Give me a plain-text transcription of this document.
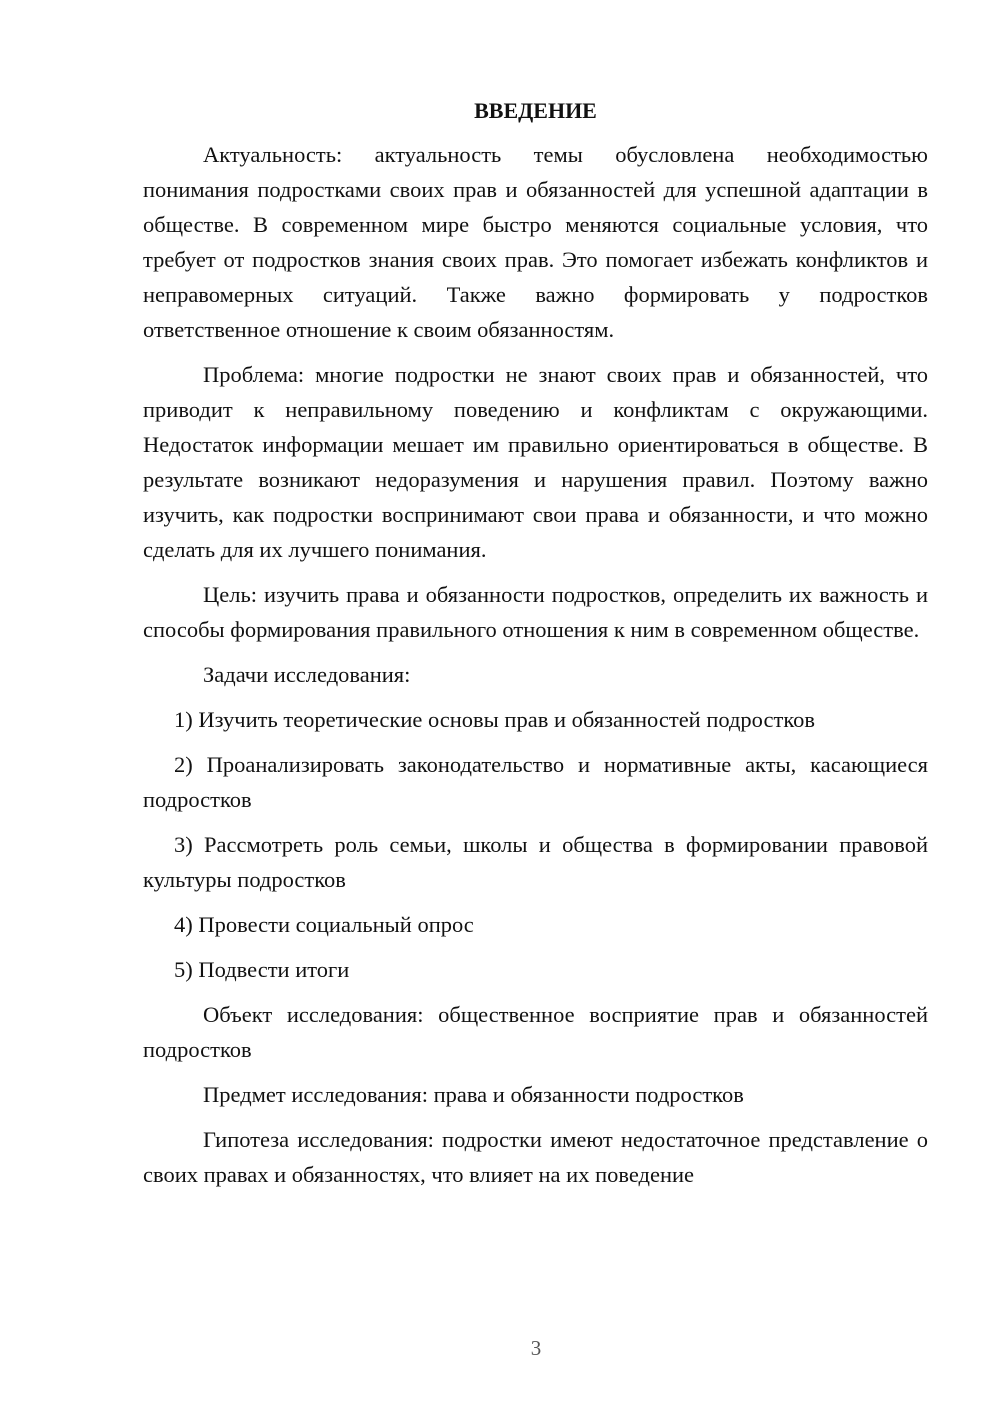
ВВЕДЕНИЕ

Актуальность: актуальность темы обусловлена необходимостью понимания подростками своих прав и обязанностей для успешной адаптации в обществе. В современном мире быстро меняются социальные условия, что требует от подростков знания своих прав. Это помогает избежать конфликтов и неправомерных ситуаций. Также важно формировать у подростков ответственное отношение к своим обязанностям.

Проблема: многие подростки не знают своих прав и обязанностей, что приводит к неправильному поведению и конфликтам с окружающими. Недостаток информации мешает им правильно ориентироваться в обществе. В результате возникают недоразумения и нарушения правил. Поэтому важно изучить, как подростки воспринимают свои права и обязанности, и что можно сделать для их лучшего понимания.

Цель: изучить права и обязанности подростков, определить их важность и способы формирования правильного отношения к ним в современном обществе.

Задачи исследования:

1) Изучить теоретические основы прав и обязанностей подростков

2) Проанализировать законодательство и нормативные акты, касающиеся подростков

3) Рассмотреть роль семьи, школы и общества в формировании правовой культуры подростков

4) Провести социальный опрос

5) Подвести итоги

Объект исследования: общественное восприятие прав и обязанностей подростков

Предмет исследования: права и обязанности подростков

Гипотеза исследования: подростки имеют недостаточное представление о своих правах и обязанностях, что влияет на их поведение

3
